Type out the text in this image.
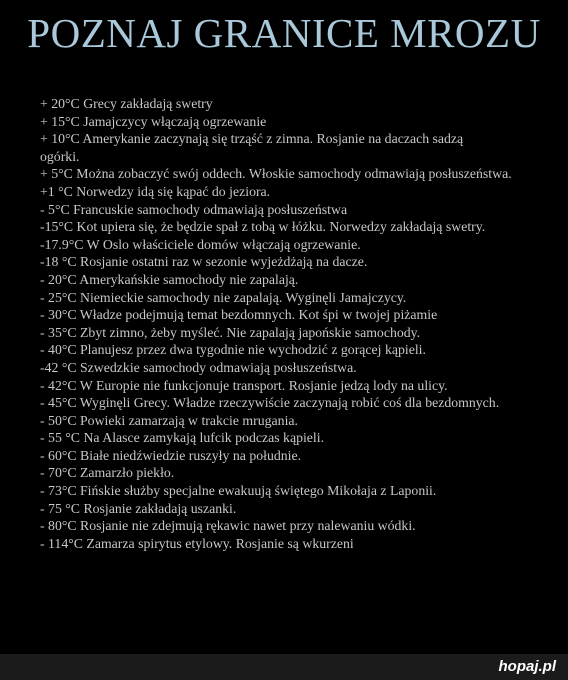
POZNAJ GRANICE MROZU
+ 20°C Grecy zakładają swetry
+ 15°C Jamajczycy włączają ogrzewanie
+ 10°C Amerykanie zaczynają się trząść z zimna. Rosjanie na daczach sadzą
ogórki.
+ 5°C Można zobaczyć swój oddech. Włoskie samochody odmawiają posłuszeństwa.
+1 °C Norwedzy idą się kąpać do jeziora.
- 5°C Francuskie samochody odmawiają posłuszeństwa
-15°C Kot upiera się, że będzie spał z tobą w łóżku. Norwedzy zakładają swetry.
-17.9°C W Oslo właściciele domów włączają ogrzewanie.
-18 °C Rosjanie ostatni raz w sezonie wyjeżdżają na dacze.
- 20°C Amerykańskie samochody nie zapalają.
- 25°C Niemieckie samochody nie zapalają. Wyginęli Jamajczycy.
- 30°C Władze podejmują temat bezdomnych. Kot śpi w twojej piżamie
- 35°C Zbyt zimno, żeby myśleć. Nie zapalają japońskie samochody.
- 40°C Planujesz przez dwa tygodnie nie wychodzić z gorącej kąpieli.
-42 °C Szwedzkie samochody odmawiają posłuszeństwa.
- 42°C W Europie nie funkcjonuje transport. Rosjanie jedzą lody na ulicy.
- 45°C Wyginęli Grecy. Władze rzeczywiście zaczynają robić coś dla bezdomnych.
- 50°C Powieki zamarzają w trakcie mrugania.
- 55 °C Na Alasce zamykają lufcik podczas kąpieli.
- 60°C Białe niedźwiedzie ruszyły na południe.
- 70°C Zamarzło piekło.
- 73°C Fińskie służby specjalne ewakuują świętego Mikołaja z Laponii.
- 75 °C Rosjanie zakładają uszanki.
- 80°C Rosjanie nie zdejmują rękawic nawet przy nalewaniu wódki.
- 114°C Zamarza spirytus etylowy. Rosjanie są wkurzeni
hopaj.pl
